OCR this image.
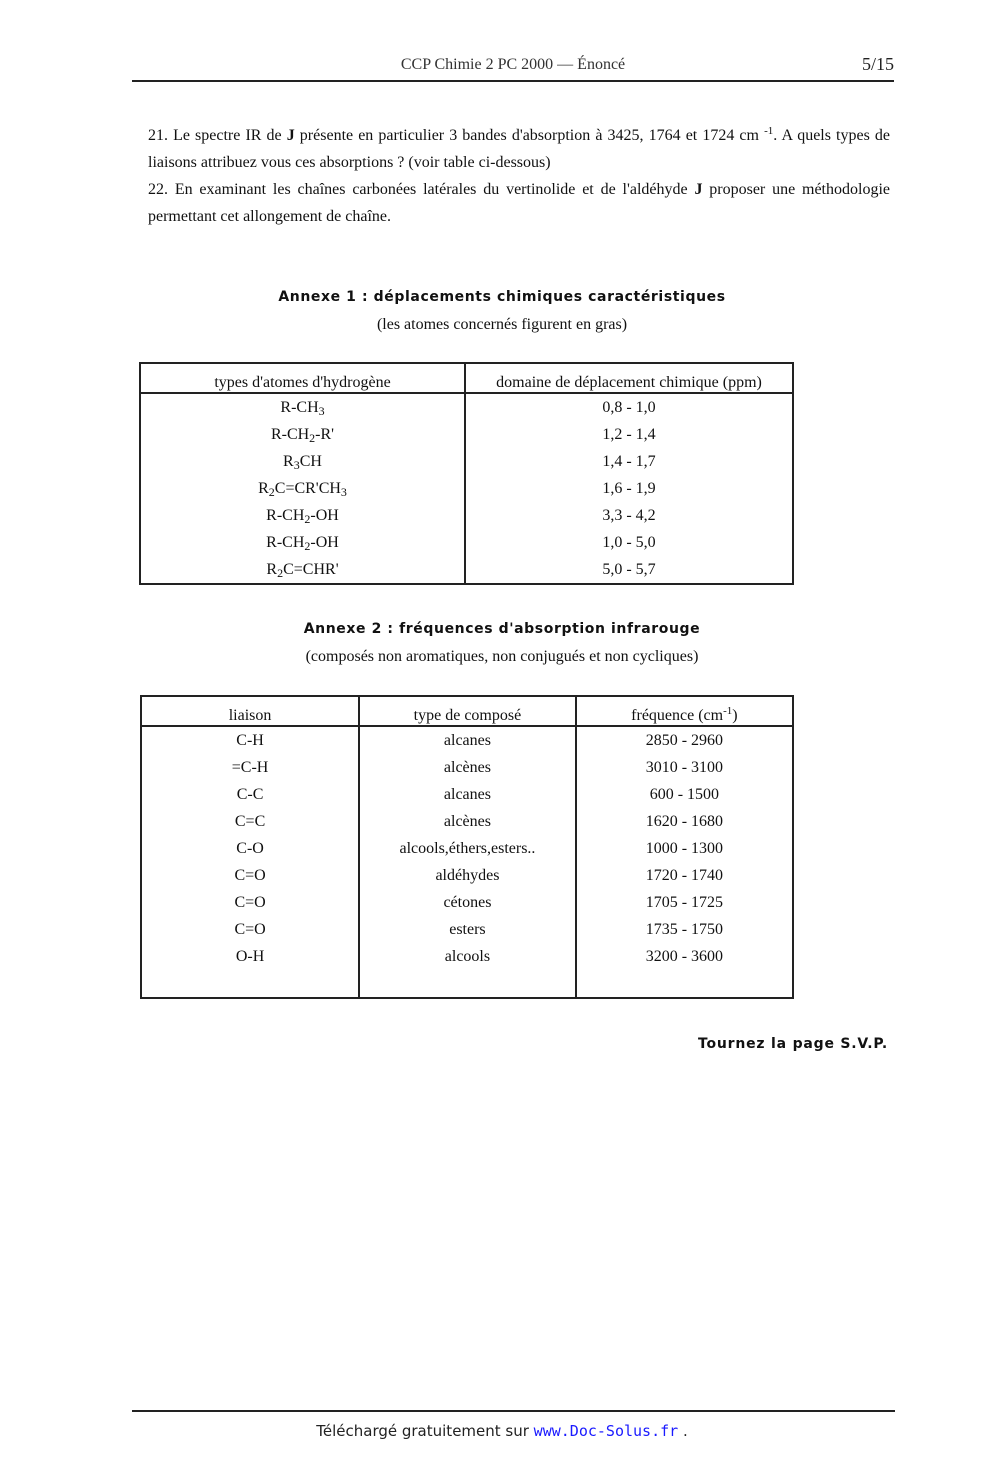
CCP Chimie 2 PC 2000 — Énoncé	5/15

21. Le spectre IR de J présente en particulier 3 bandes d'absorption à 3425, 1764 et 1724 cm $^{-1}$. A quels types de liaisons attribuez vous ces absorptions ? (voir table ci-dessous)

22. En examinant les chaînes carbonées latérales du vertinolide et de l'aldéhyde J proposer une méthodologie permettant cet allongement de chaîne.

Annexe 1 : déplacements chimiques caractéristiques
(les atomes concernés figurent en gras)
types d'atomes d'hydrogène	domaine de déplacement chimique (ppm)
$R-CH_3$	0,8 - 1,0
$R-CH_2-R'$	1,2 - 1,4
$R_3CH$	1,4 - 1,7
$R_2C=CR'CH_3$	1,6 - 1,9
$R-CH_2-OH$	3,3 - 4,2
$R-CH_2-OH$	1,0 - 5,0
$R_2C=CHR'$	5,0 - 5,7
Annexe 2 : fréquences d'absorption infrarouge
(composés non aromatiques, non conjugués et non cycliques)
liaison	type de composé	fréquence $(cm^{-1})$
C-H	alcanes	2850 - 2960
=C-H	alcènes	3010 - 3100
C-C	alcanes	600 - 1500
C=C	alcènes	1620 - 1680
C-O	alcools,éthers,esters..	1000 - 1300
C=O	aldéhydes	1720 - 1740
C=O	cétones	1705 - 1725
C=O	esters	1735 - 1750
O-H	alcools	3200 - 3600

Tournez la page S.V.P.
Téléchargé gratuitement sur www.Doc-Solus.fr .
